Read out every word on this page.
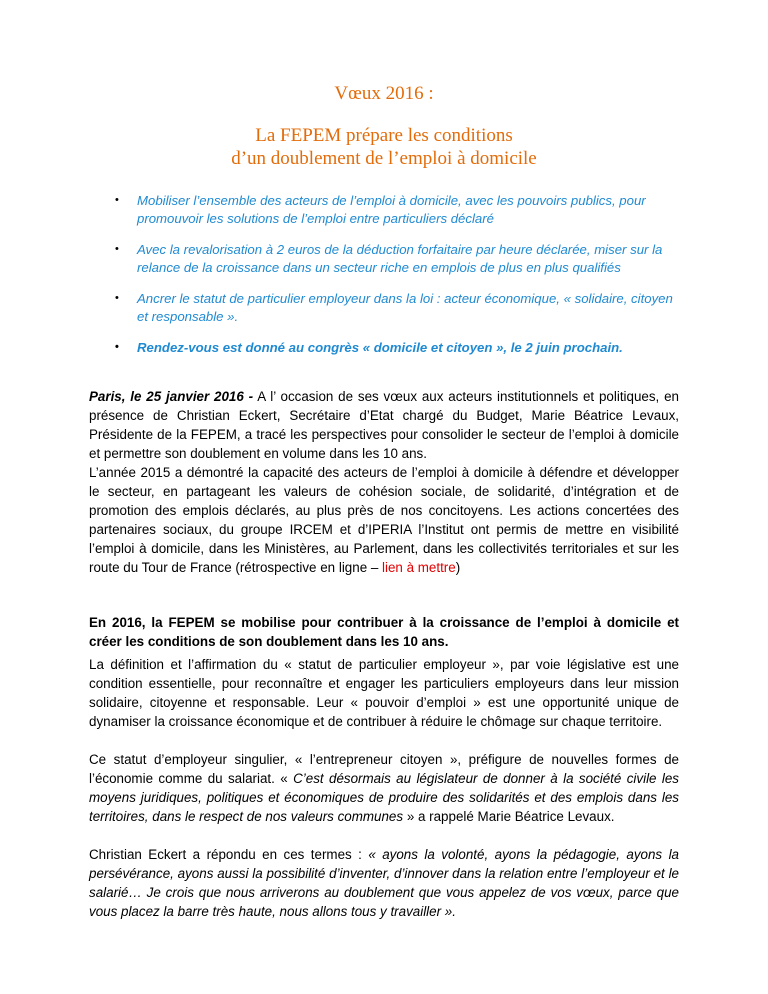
Vœux 2016 :
La FEPEM prépare les conditions
d’un doublement de l’emploi à domicile
• Mobiliser l’ensemble des acteurs de l’emploi à domicile, avec les pouvoirs publics, pour promouvoir les solutions de l’emploi entre particuliers déclaré
• Avec la revalorisation à 2 euros de la déduction forfaitaire par heure déclarée, miser sur la relance de la croissance dans un secteur riche en emplois de plus en plus qualifiés
• Ancrer le statut de particulier employeur dans la loi : acteur économique, « solidaire, citoyen et responsable ».
• Rendez-vous est donné au congrès « domicile et citoyen », le 2 juin prochain.

Paris, le 25 janvier 2016 - A l’ occasion de ses vœux aux acteurs institutionnels et politiques, en présence de Christian Eckert, Secrétaire d’Etat chargé du Budget, Marie Béatrice Levaux, Présidente de la FEPEM, a tracé les perspectives pour consolider le secteur de l’emploi à domicile et permettre son doublement en volume dans les 10 ans.

L’année 2015 a démontré la capacité des acteurs de l’emploi à domicile à défendre et développer le secteur, en partageant les valeurs de cohésion sociale, de solidarité, d’intégration et de promotion des emplois déclarés, au plus près de nos concitoyens. Les actions concertées des partenaires sociaux, du groupe IRCEM et d’IPERIA l’Institut ont permis de mettre en visibilité l’emploi à domicile, dans les Ministères, au Parlement, dans les collectivités territoriales et sur les route du Tour de France (rétrospective en ligne – lien à mettre)

En 2016, la FEPEM se mobilise pour contribuer à la croissance de l’emploi à domicile et créer les conditions de son doublement dans les 10 ans.

La définition et l’affirmation du « statut de particulier employeur », par voie législative est une condition essentielle, pour reconnaître et engager les particuliers employeurs dans leur mission solidaire, citoyenne et responsable. Leur « pouvoir d’emploi » est une opportunité unique de dynamiser la croissance économique et de contribuer à réduire le chômage sur chaque territoire.

Ce statut d’employeur singulier, « l’entrepreneur citoyen », préfigure de nouvelles formes de l’économie comme du salariat. « C’est désormais au législateur de donner à la société civile les moyens juridiques, politiques et économiques de produire des solidarités et des emplois dans les territoires, dans le respect de nos valeurs communes » a rappelé Marie Béatrice Levaux.

Christian Eckert a répondu en ces termes : « ayons la volonté, ayons la pédagogie, ayons la persévérance, ayons aussi la possibilité d’inventer, d’innover dans la relation entre l’employeur et le salarié… Je crois que nous arriverons au doublement que vous appelez de vos vœux, parce que vous placez la barre très haute, nous allons tous y travailler ».
